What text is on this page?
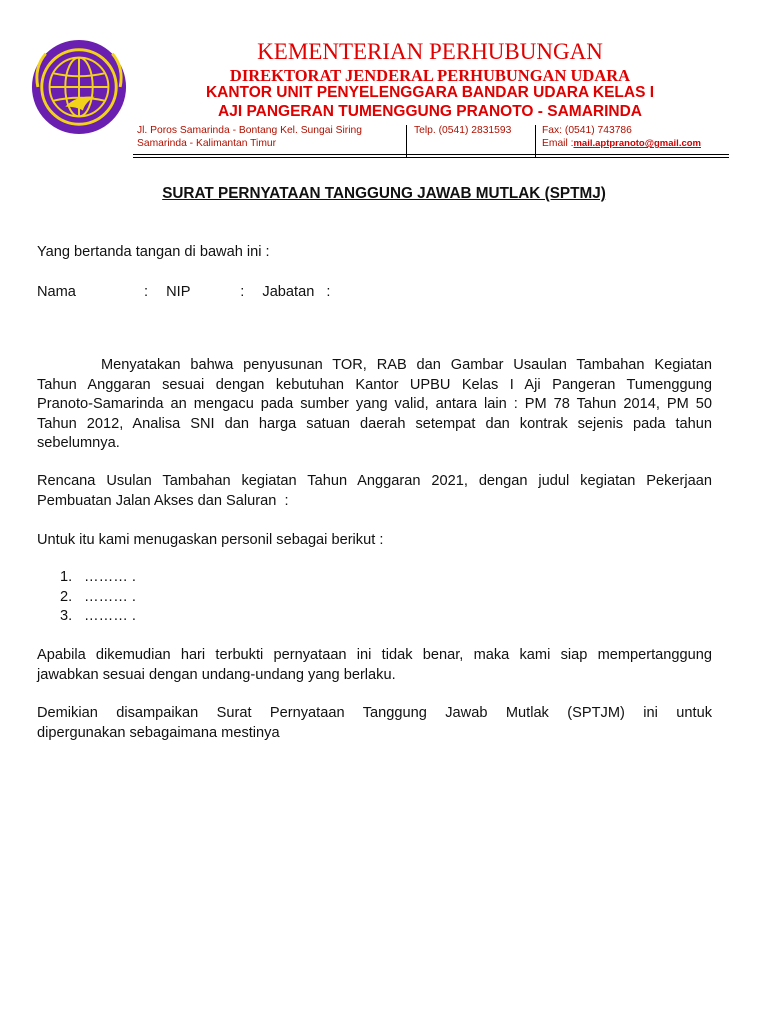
KEMENTERIAN PERHUBUNGAN
DIREKTORAT JENDERAL PERHUBUNGAN UDARA
KANTOR UNIT PENYELENGGARA BANDAR UDARA KELAS I
AJI PANGERAN TUMENGGUNG PRANOTO - SAMARINDA
Jl. Poros Samarinda - Bontang Kel. Sungai Siring
Samarinda - Kalimantan Timur
Telp. (0541) 2831593	Fax: (0541) 743786
Email :mail.aptpranoto@gmail.com
SURAT PERNYATAAN TANGGUNG JAWAB MUTLAK (SPTMJ)
Yang bertanda tangan di bawah ini :
Nama	: NIP	: Jabatan :
Menyatakan bahwa penyusunan TOR, RAB dan Gambar Usaulan Tambahan Kegiatan
Tahun Anggaran sesuai dengan kebutuhan Kantor UPBU Kelas I Aji Pangeran Tumenggung
Pranoto-Samarinda an mengacu pada sumber yang valid, antara lain : PM 78 Tahun 2014, PM 50
Tahun 2012, Analisa SNI dan harga satuan daerah setempat dan kontrak sejenis pada tahun
sebelumnya.
Rencana Usulan Tambahan kegiatan Tahun Anggaran 2021, dengan judul kegiatan Pekerjaan
Pembuatan Jalan Akses dan Saluran  :
Untuk itu kami menugaskan personil sebagai berikut :
1. ……… .
2. ……… .
3. ……… .
Apabila dikemudian hari terbukti pernyataan ini tidak benar, maka kami siap mempertanggung
jawabkan sesuai dengan undang-undang yang berlaku.
Demikian disampaikan Surat Pernyataan Tanggung Jawab Mutlak (SPTJM) ini untuk
dipergunakan sebagaimana mestinya
